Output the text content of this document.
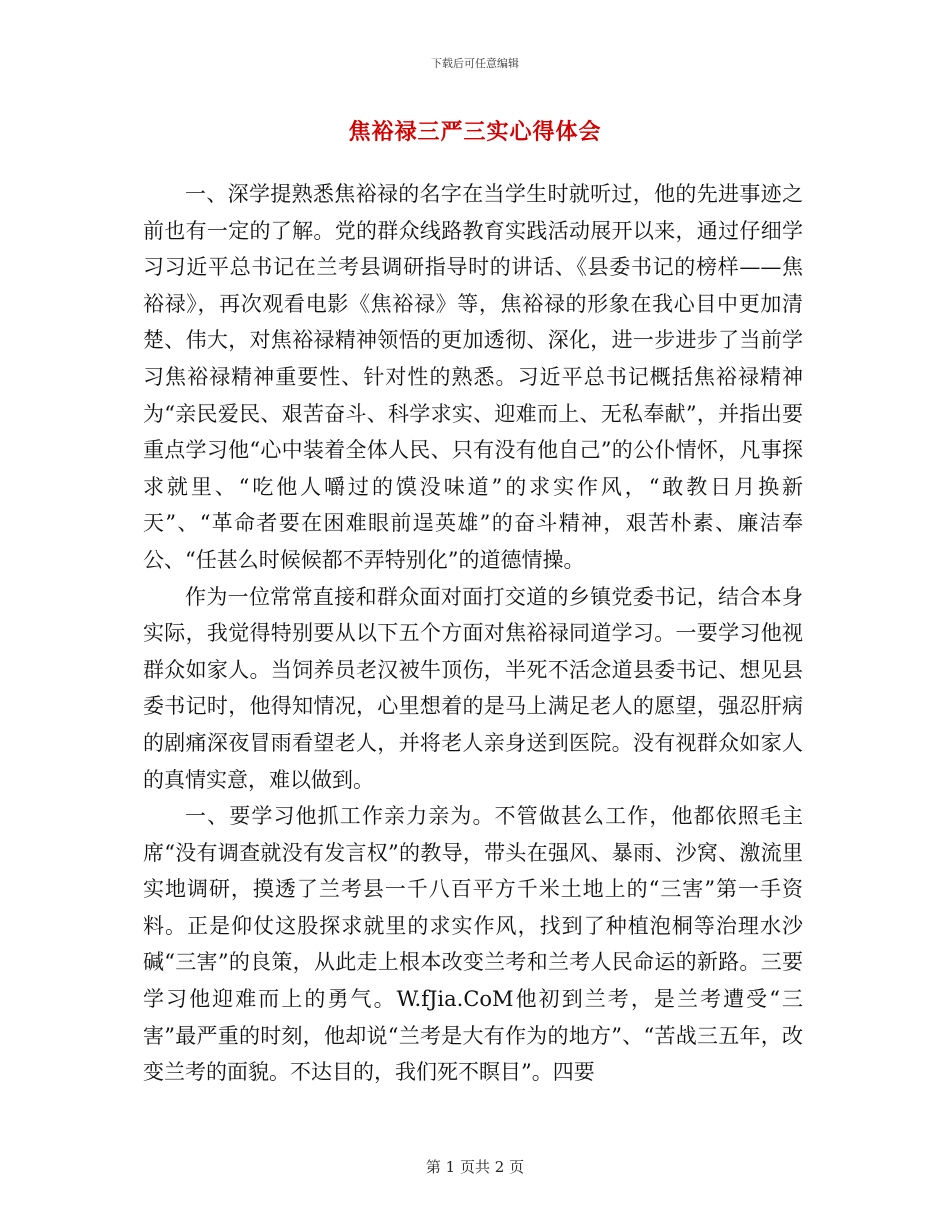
下载后可任意编辑
焦裕禄三严三实心得体会

一、深学提熟悉焦裕禄的名字在当学生时就听过，他的先进事迹之前也有一定的了解。党的群众线路教育实践活动展开以来，通过仔细学习习近平总书记在兰考县调研指导时的讲话、《县委书记的榜样——焦裕禄》，再次观看电影《焦裕禄》等，焦裕禄的形象在我心目中更加清楚、伟大，对焦裕禄精神领悟的更加透彻、深化，进一步进步了当前学习焦裕禄精神重要性、针对性的熟悉。习近平总书记概括焦裕禄精神为“亲民爱民、艰苦奋斗、科学求实、迎难而上、无私奉献”，并指出要重点学习他“心中装着全体人民、只有没有他自己”的公仆情怀，凡事探求就里、“吃他人嚼过的馍没味道”的求实作风，“敢教日月换新天”、“革命者要在困难眼前逞英雄”的奋斗精神，艰苦朴素、廉洁奉公、“任甚么时候候都不弄特别化”的道德情操。

作为一位常常直接和群众面对面打交道的乡镇党委书记，结合本身实际，我觉得特别要从以下五个方面对焦裕禄同道学习。一要学习他视群众如家人。当饲养员老汉被牛顶伤，半死不活念道县委书记、想见县委书记时，他得知情况，心里想着的是马上满足老人的愿望，强忍肝病的剧痛深夜冒雨看望老人，并将老人亲身送到医院。没有视群众如家人的真情实意，难以做到。

一、要学习他抓工作亲力亲为。不管做甚么工作，他都依照毛主席“没有调查就没有发言权”的教导，带头在强风、暴雨、沙窝、激流里实地调研，摸透了兰考县一千八百平方千米土地上的“三害”第一手资料。正是仰仗这股探求就里的求实作风，找到了种植泡桐等治理水沙碱“三害”的良策，从此走上根本改变兰考和兰考人民命运的新路。三要学习他迎难而上的勇气。W.fJia.CoM他初到兰考，是兰考遭受“三害”最严重的时刻，他却说“兰考是大有作为的地方”、“苦战三五年，改变兰考的面貌。不达目的，我们死不瞑目”。四要

第 1 页共 2 页
